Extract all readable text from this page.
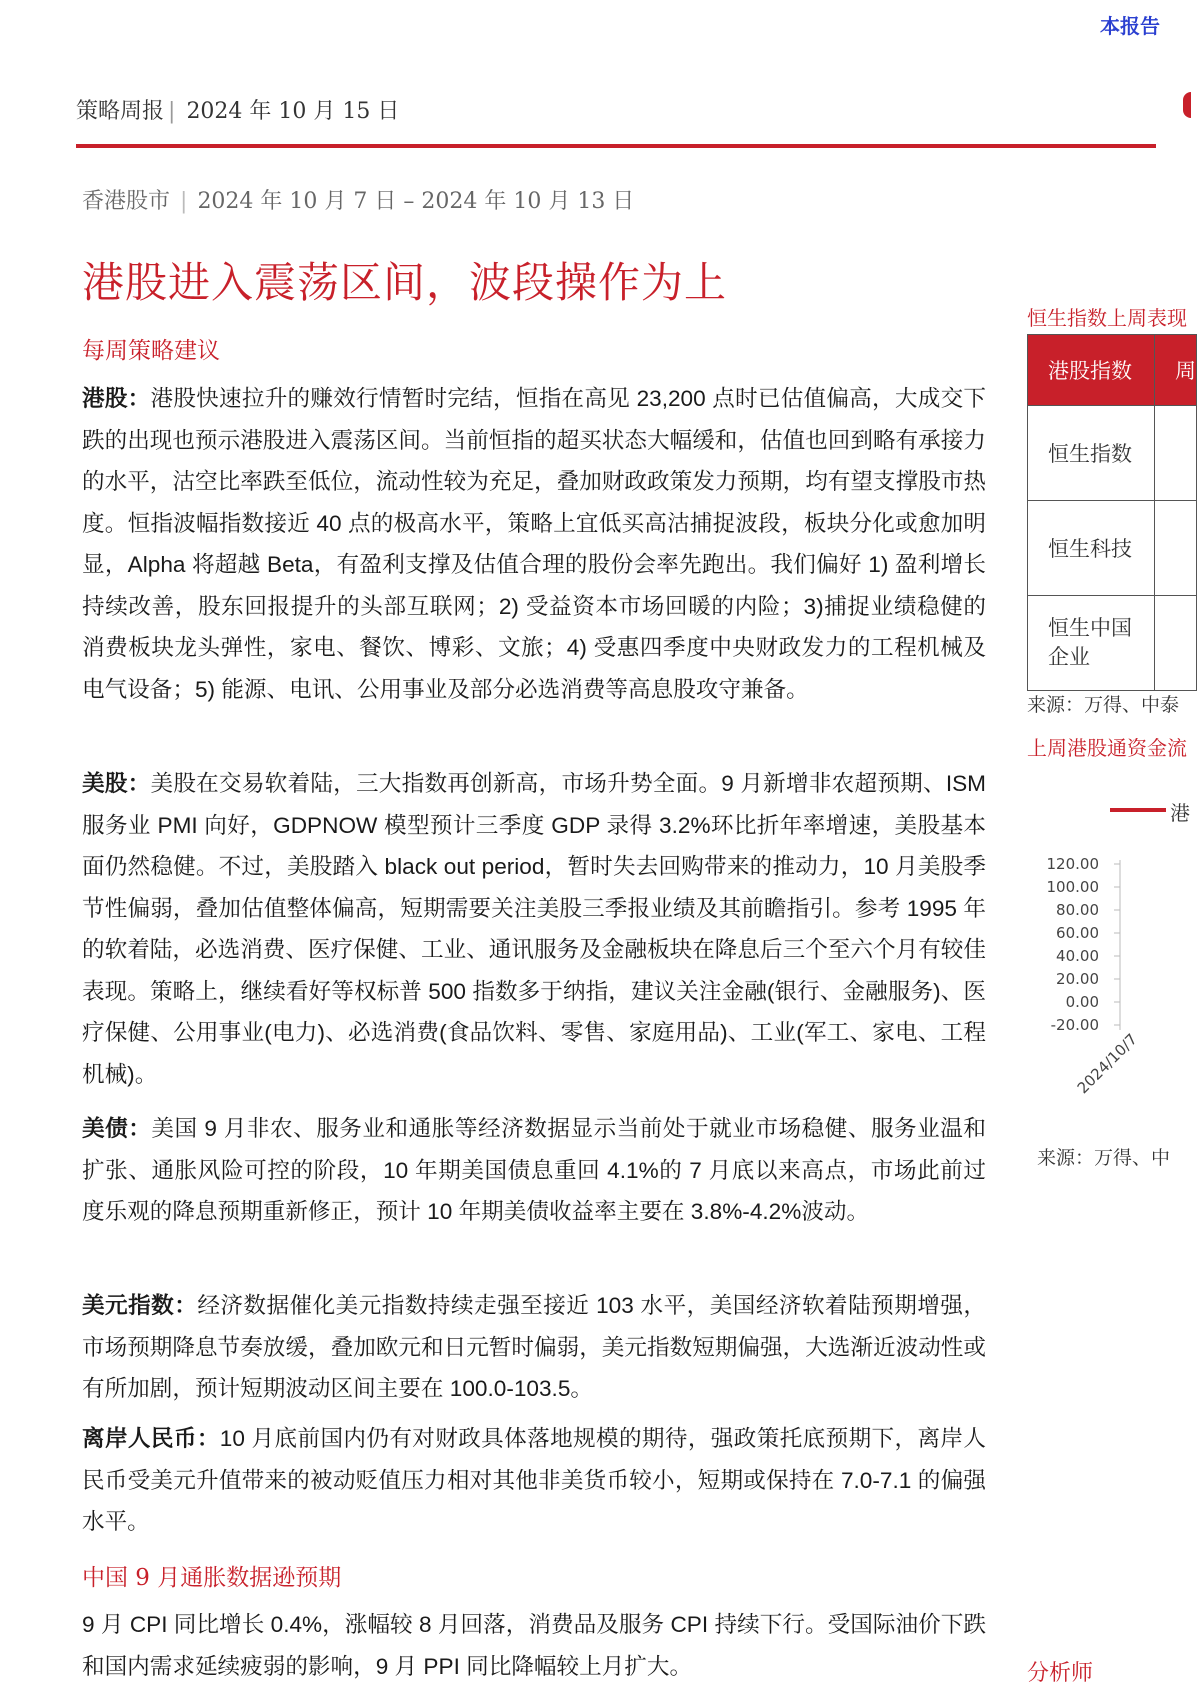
策略周报 | 2024 年 10 月 15 日
本报告
香港股市 | 2024 年 10 月 7 日 – 2024 年 10 月 13 日
港股进入震荡区间，波段操作为上
每周策略建议
港股：港股快速拉升的赚效行情暂时完结，恒指在高见 23,200 点时已估值偏高，大成交下跌的出现也预示港股进入震荡区间。当前恒指的超买状态大幅缓和，估值也回到略有承接力的水平，沽空比率跌至低位，流动性较为充足，叠加财政政策发力预期，均有望支撑股市热度。恒指波幅指数接近 40 点的极高水平，策略上宜低买高沽捕捉波段，板块分化或愈加明显，Alpha 将超越 Beta，有盈利支撑及估值合理的股份会率先跑出。我们偏好 1) 盈利增长持续改善，股东回报提升的头部互联网；2) 受益资本市场回暖的内险；3)捕捉业绩稳健的消费板块龙头弹性，家电、餐饮、博彩、文旅；4) 受惠四季度中央财政发力的工程机械及电气设备；5) 能源、电讯、公用事业及部分必选消费等高息股攻守兼备。
美股：美股在交易软着陆，三大指数再创新高，市场升势全面。9 月新增非农超预期、ISM 服务业 PMI 向好，GDPNOW 模型预计三季度 GDP 录得 3.2%环比折年率增速，美股基本面仍然稳健。不过，美股踏入 black out period，暂时失去回购带来的推动力，10 月美股季节性偏弱，叠加估值整体偏高，短期需要关注美股三季报业绩及其前瞻指引。参考 1995 年的软着陆，必选消费、医疗保健、工业、通讯服务及金融板块在降息后三个至六个月有较佳表现。策略上，继续看好等权标普 500 指数多于纳指，建议关注金融(银行、金融服务)、医疗保健、公用事业(电力)、必选消费(食品饮料、零售、家庭用品)、工业(军工、家电、工程机械)。
美债：美国 9 月非农、服务业和通胀等经济数据显示当前处于就业市场稳健、服务业温和扩张、通胀风险可控的阶段，10 年期美国债息重回 4.1%的 7 月底以来高点，市场此前过度乐观的降息预期重新修正，预计 10 年期美债收益率主要在 3.8%-4.2%波动。
美元指数：经济数据催化美元指数持续走强至接近 103 水平，美国经济软着陆预期增强，市场预期降息节奏放缓，叠加欧元和日元暂时偏弱，美元指数短期偏强，大选渐近波动性或有所加剧，预计短期波动区间主要在 100.0-103.5。
离岸人民币：10 月底前国内仍有对财政具体落地规模的期待，强政策托底预期下，离岸人民币受美元升值带来的被动贬值压力相对其他非美货币较小，短期或保持在 7.0-7.1 的偏强水平。
中国 9 月通胀数据逊预期
9 月 CPI 同比增长 0.4%，涨幅较 8 月回落，消费品及服务 CPI 持续下行。受国际油价下跌和国内需求延续疲弱的影响，9 月 PPI 同比降幅较上月扩大。
恒生指数上周表现
港股指数	周
恒生指数	
恒生科技	
恒生中国企业	
来源：万得、中泰
上周港股通资金流
港
120.00
100.00
80.00
60.00
40.00
20.00
0.00
-20.00
2024/10/7
来源：万得、中
分析师
